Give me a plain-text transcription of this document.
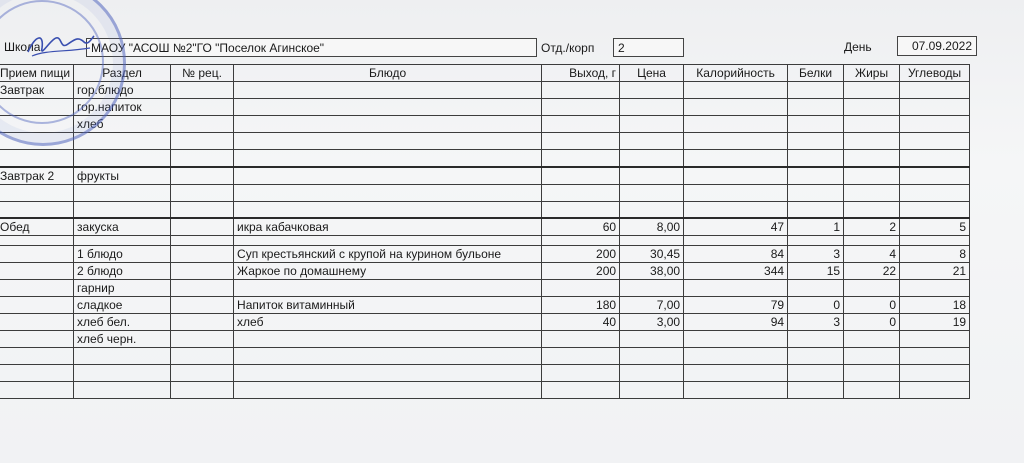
Школа	МАОУ "АСОШ №2"ГО "Поселок Агинское"	Отд./корп	2	День	07.09.2022
Прием пищи	Раздел	№ рец.	Блюдо	Выход, г	Цена	Калорийность	Белки	Жиры	Углеводы
Завтрак	гор.блюдо								
	гор.напиток								
	хлеб								

Завтрак 2	фрукты								

Обед	закуска		икра кабачковая	60	8,00	47	1	2	5

	1 блюдо		Суп крестьянский с крупой на курином бульоне	200	30,45	84	3	4	8
	2 блюдо		Жаркое по домашнему	200	38,00	344	15	22	21
	гарнир								
	сладкое		Напиток витаминный	180	7,00	79	0	0	18
	хлеб бел.		хлеб	40	3,00	94	3	0	19
	хлеб черн.								
